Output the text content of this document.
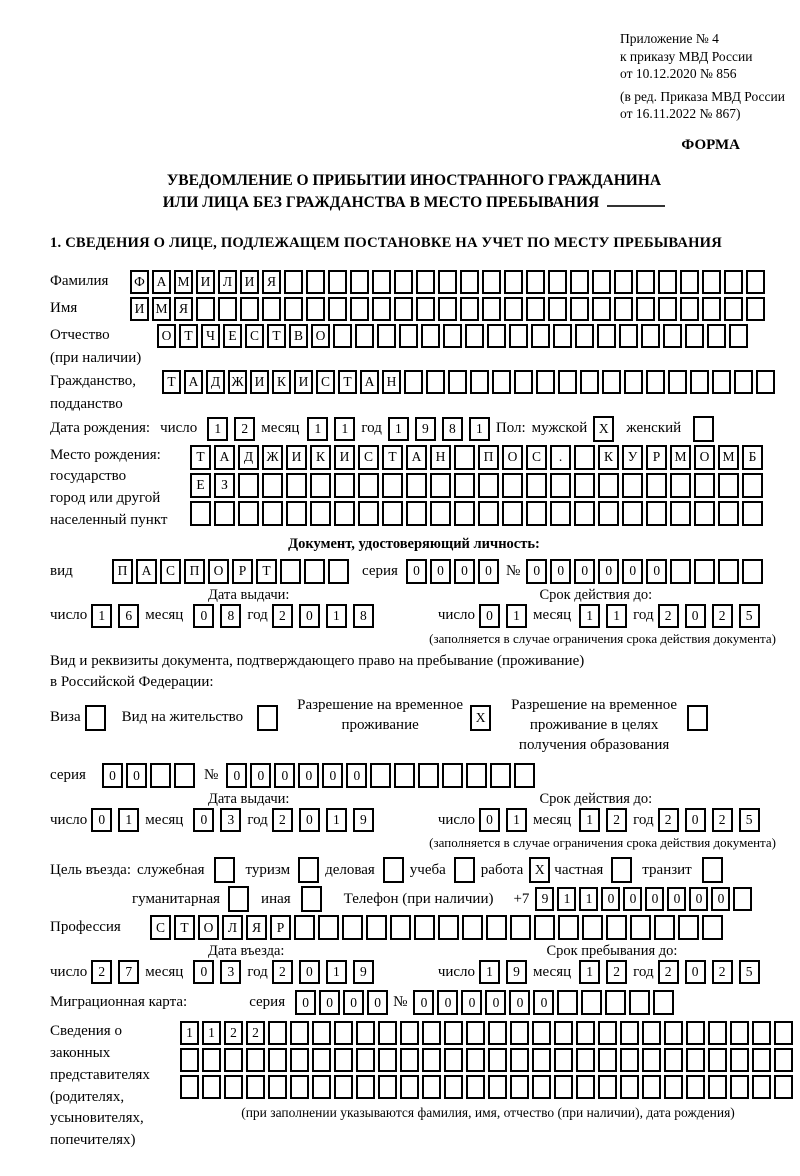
Приложение № 4
к приказу МВД России
от 10.12.2020 № 856
(в ред. Приказа МВД России
от 16.11.2022 № 867)
ФОРМА
УВЕДОМЛЕНИЕ О ПРИБЫТИИ ИНОСТРАННОГО ГРАЖДАНИНА
ИЛИ ЛИЦА БЕЗ ГРАЖДАНСТВА В МЕСТО ПРЕБЫВАНИЯ
1. СВЕДЕНИЯ О ЛИЦЕ, ПОДЛЕЖАЩЕМ ПОСТАНОВКЕ НА УЧЕТ ПО МЕСТУ ПРЕБЫВАНИЯ
Фамилия	Ф А М И Л И Я
Имя	И М Я
Отчество	О Т Ч Е С Т В О
(при наличии)
Гражданство,	Т А Д Ж И К И С Т А Н
подданство
Дата рождения: число	1	2 месяц	1	1 год 1	9	8	1 Пол: мужской X	женский
Место рождения:
государство
город или другой
населенный пункт
Т	А	Д Ж И	К	И	С	Т	А	Н	П	О	С	.	К	У	Р	М О М	Б
Е	З
Документ, удостоверяющий личность:
вид	П	А	С	П	О	Р	Т	серия	0	0	0	0 № 0	0	0	0	0	0
Дата выдачи:	Срок действия до:
число 1	6 месяц	0	8 год 2	0	1	8	число 0	1 месяц	1	1 год 2	0	2	5
(заполняется в случае ограничения срока действия документа)
Вид и реквизиты документа, подтверждающего право на пребывание (проживание)
в Российской Федерации:
Виза	Вид на жительство
Разрешение на временное проживание	X
Разрешение на временное проживание в целях получения образования
серия	0	0	№	0	0	0	0	0	0
Дата выдачи:	Срок действия до:
число 0	1 месяц	0	3 год 2	0	1	9	число 0	1 месяц	1	2 год 2	0	2	5
(заполняется в случае ограничения срока действия документа)
Цель въезда: служебная	туризм деловая учеба работа X частная	транзит
гуманитарная	иная	Телефон (при наличии) +7 9	1	1	0	0	0	0	0	0
Профессия	С	Т	О	Л	Я	Р
Дата въезда:	Срок пребывания до:
число 2	7 месяц	0	3 год 2	0	1	9	число 1	9 месяц	1	2 год 2	0	2	5
Миграционная карта:	серия	0	0	0	0 № 0	0	0	0	0	0
Сведения о
законных
представителях
(родителях,
усыновителях,
попечителях)
1	1	2	2
(при заполнении указываются фамилия, имя, отчество (при наличии), дата рождения)
